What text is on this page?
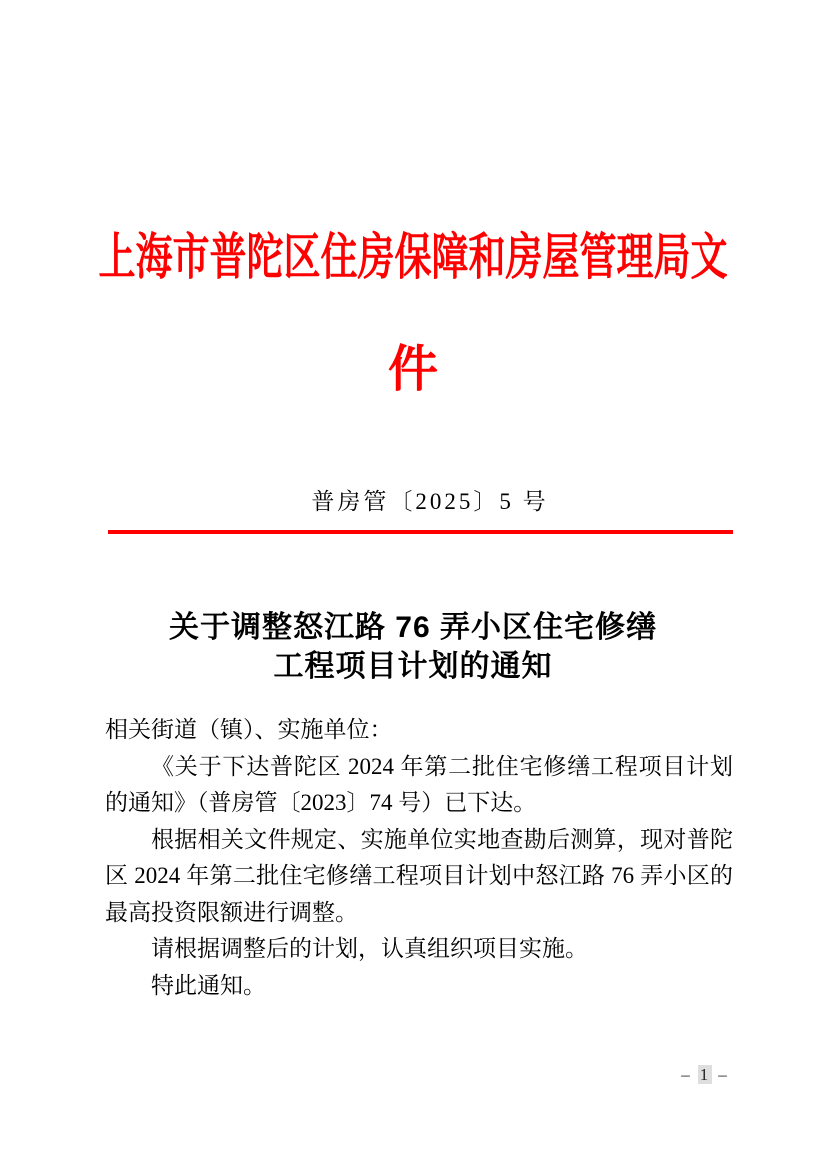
上海市普陀区住房保障和房屋管理局文
件
普房管〔2025〕5 号
关于调整怒江路 76 弄小区住宅修缮
工程项目计划的通知

相关街道（镇）、实施单位：

《关于下达普陀区 2024 年第二批住宅修缮工程项目计划的通知》（普房管〔2023〕74 号）已下达。

根据相关文件规定、实施单位实地查勘后测算，现对普陀区 2024 年第二批住宅修缮工程项目计划中怒江路 76 弄小区的最高投资限额进行调整。

请根据调整后的计划，认真组织项目实施。

特此通知。

– 1 –
